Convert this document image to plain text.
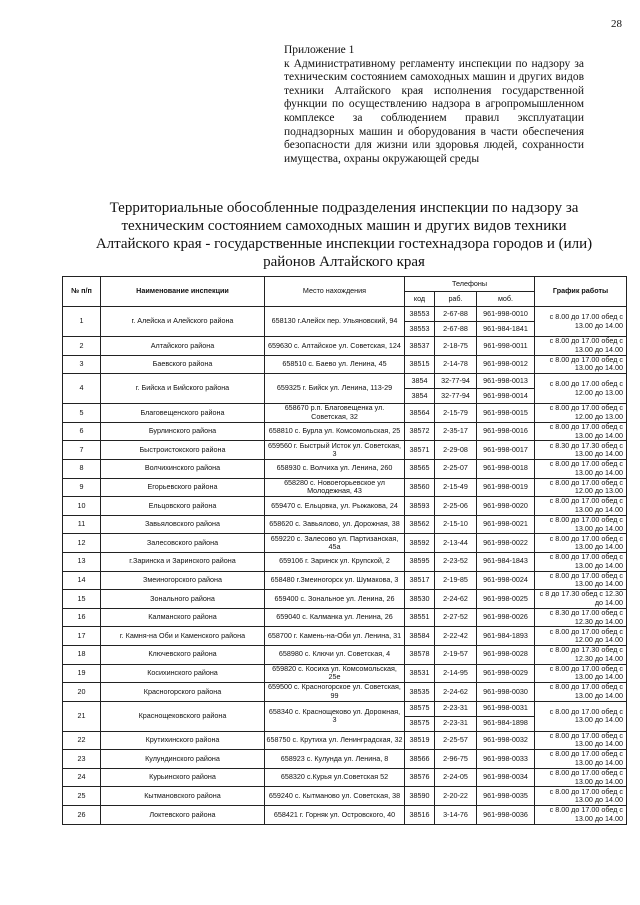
28
Приложение 1
к Административному регламенту инспекции по надзору за техническим состоянием самоходных машин и других видов техники Алтайского края исполнения государственной функции по осуществлению надзора в агропромышленном комплексе за соблюдением правил эксплуатации поднадзорных машин и оборудования в части обеспечения безопасности для жизни или здоровья людей, сохранности имущества, охраны окружающей среды
Территориальные обособленные подразделения инспекции по надзору за техническим состоянием самоходных машин и других видов техники Алтайского края - государственные инспекции гостехнадзора городов и (или) районов Алтайского края
№ п/п	Наименование инспекции	Место нахождения	Телефоны			График работы
			код	раб.	моб.	
1	г. Алейска и Алейского района	658130 г.Алейск пер. Ульяновский, 94	38553	2-67-88	961-998-0010	с 8.00 до 17.00 обед с 13.00 до 14.00
			38553	2-67-88	961-984-1841	
2	Алтайского района	659630 с. Алтайское ул. Советская, 124	38537	2-18-75	961-998-0011	с 8.00 до 17.00 обед с 13.00 до 14.00
3	Баевского района	658510 с. Баево ул. Ленина, 45	38515	2-14-78	961-998-0012	с 8.00 до 17.00 обед с 13.00 до 14.00
4	г. Бийска и Бийского района	659325 г. Бийск ул. Ленина, 113-29	3854	32-77-94	961-998-0013	с 8.00 до 17.00 обед с 12.00 до 13.00
			3854	32-77-94	961-998-0014	
5	Благовещенского района	658670 р.п. Благовещенка ул. Советская, 32	38564	2-15-79	961-998-0015	с 8.00 до 17.00 обед с 12.00 до 13.00
6	Бурлинского района	658810 с. Бурла ул. Комсомольская, 25	38572	2-35-17	961-998-0016	с 8.00 до 17.00 обед с 13.00 до 14.00
7	Быстроистокского района	659560 г. Быстрый Исток ул. Советская, 3	38571	2-29-08	961-998-0017	с 8.30 до 17.30 обед с 13.00 до 14.00
8	Волчихинского района	658930 с. Волчиха ул. Ленина, 260	38565	2-25-07	961-998-0018	с 8.00 до 17.00 обед с 13.00 до 14.00
9	Егорьевского района	658280 с. Новоегорьевское ул Молодежная, 43	38560	2-15-49	961-998-0019	с 8.00 до 17.00 обед с 12.00 до 13.00
10	Ельцовского района	659470 с. Ельцовка, ул. Рыжакова, 24	38593	2-25-06	961-998-0020	с 8.00 до 17.00 обед с 13.00 до 14.00
11	Завьяловского района	658620 с. Завьялово, ул. Дорожная, 38	38562	2-15-10	961-998-0021	с 8.00 до 17.00 обед с 13.00 до 14.00
12	Залесовского района	659220 с. Залесово ул. Партизанская, 45а	38592	2-13-44	961-998-0022	с 8.00 до 17.00 обед с 13.00 до 14.00
13	г.Заринска и Заринского района	659106 г. Заринск ул. Крупской, 2	38595	2-23-52	961-984-1843	с 8.00 до 17.00 обед с 13.00 до 14.00
14	Змеиногорского района	658480 г.Змеиногорск ул. Шумакова, 3	38517	2-19-85	961-998-0024	с 8.00 до 17.00 обед с 13.00 до 14.00
15	Зонального района	659400 с. Зональное ул. Ленина, 26	38530	2-24-62	961-998-0025	с 8 до 17.30 обед с 12.30 до 14.00
16	Калманского района	659040 с. Калманка ул. Ленина, 26	38551	2-27-52	961-998-0026	с 8.30 до 17.00 обед с 12.30 до 14.00
17	г. Камня-на Оби и Каменского района	658700 г. Камень-на-Оби ул. Ленина, 31	38584	2-22-42	961-984-1893	с 8.00 до 17.00 обед с 12.00 до 14.00
18	Ключевского района	658980 с. Ключи ул. Советская, 4	38578	2-19-57	961-998-0028	с 8.00 до 17.30 обед с 12.30 до 14.00
19	Косихинского района	659820 с. Косиха ул. Комсомольская, 25е	38531	2-14-95	961-998-0029	с 8.00 до 17.00 обед с 13.00 до 14.00
20	Красногорского района	659500 с. Красногорское ул. Советская, 99	38535	2-24-62	961-998-0030	с 8.00 до 17.00 обед с 13.00 до 14.00
21	Краснощековского района	658340 с. Краснощеково ул. Дорожная, 3	38575	2-23-31	961-998-0031	с 8.00 до 17.00 обед с 13.00 до 14.00
			38575	2-23-31	961-984-1898	
22	Крутихинского района	658750 с. Крутиха ул. Ленинградская, 32	38519	2-25-57	961-998-0032	с 8.00 до 17.00 обед с 13.00 до 14.00
23	Кулундинского района	658923 с. Кулунда ул. Ленина, 8	38566	2-96-75	961-998-0033	с 8.00 до 17.00 обед с 13.00 до 14.00
24	Курьинского района	658320 с.Курья ул.Советская 52	38576	2-24-05	961-998-0034	с 8.00 до 17.00 обед с 13.00 до 14.00
25	Кытмановского района	659240 с. Кытманово ул. Советская, 38	38590	2-20-22	961-998-0035	с 8.00 до 17.00 обед с 13.00 до 14.00
26	Локтевского района	658421 г. Горняк ул. Островского, 40	38516	3-14-76	961-998-0036	с 8.00 до 17.00 обед с 13.00 до 14.00
